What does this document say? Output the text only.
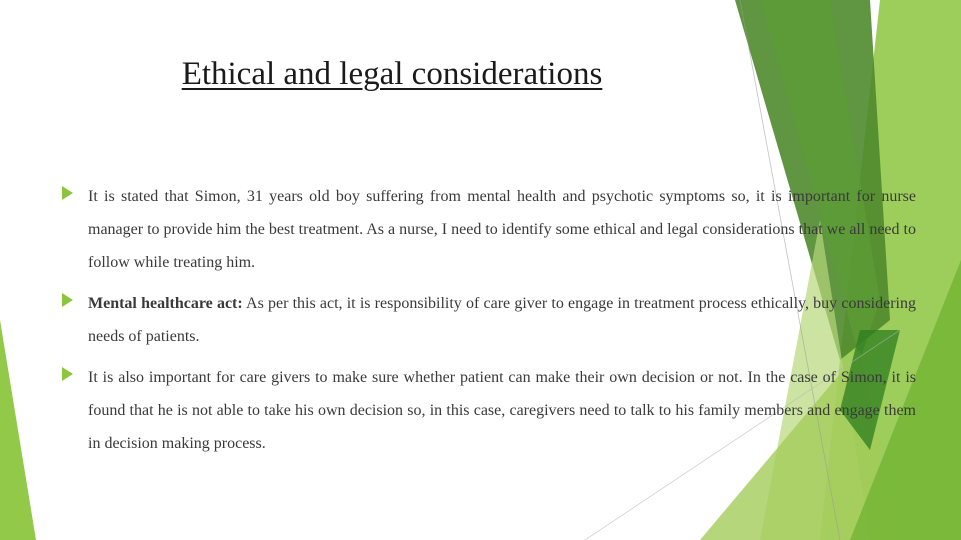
Ethical and legal considerations

It is stated that Simon, 31 years old boy suffering from mental health and psychotic symptoms so, it is important for nurse manager to provide him the best treatment. As a nurse, I need to identify some ethical and legal considerations that we all need to follow while treating him.

Mental healthcare act: As per this act, it is responsibility of care giver to engage in treatment process ethically, buy considering needs of patients.

It is also important for care givers to make sure whether patient can make their own decision or not. In the case of Simon, it is found that he is not able to take his own decision so, in this case, caregivers need to talk to his family members and engage them in decision making process.
